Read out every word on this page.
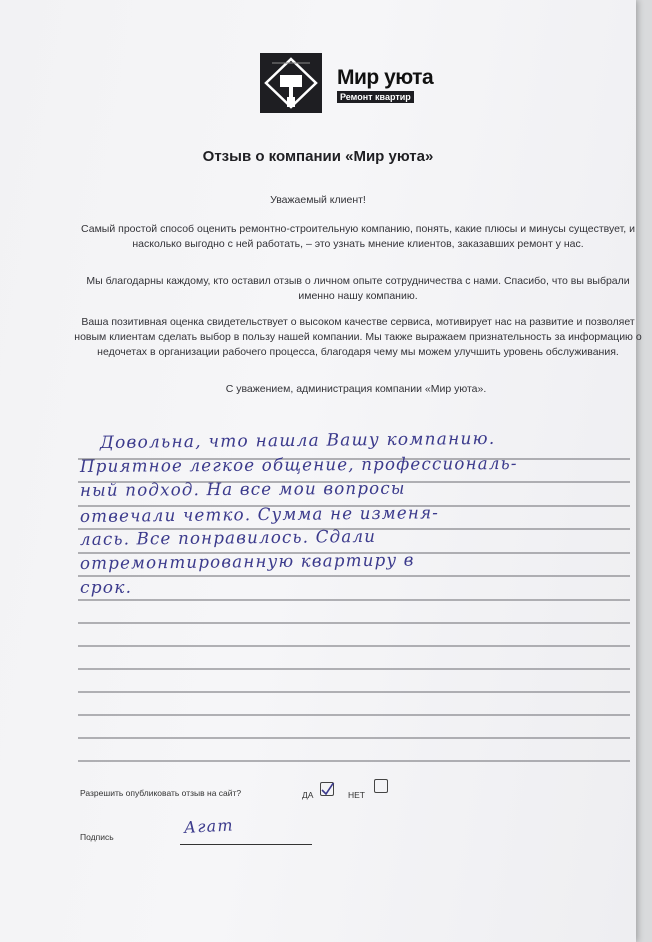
Мир уюта
Ремонт квартир
Отзыв о компании «Мир уюта»
Уважаемый клиент!
Самый простой способ оценить ремонтно-строительную компанию, понять, какие плюсы и минусы существует, и насколько выгодно с ней работать, – это узнать мнение клиентов, заказавших ремонт у нас.
Мы благодарны каждому, кто оставил отзыв о личном опыте сотрудничества с нами. Спасибо, что вы выбрали именно нашу компанию.
Ваша позитивная оценка свидетельствует о высоком качестве сервиса, мотивирует нас на развитие и позволяет новым клиентам сделать выбор в пользу нашей компании. Мы также выражаем признательность за информацию о недочетах в организации рабочего процесса, благодаря чему мы можем улучшить уровень обслуживания.
С уважением, администрация компании «Мир уюта».
Довольна, что нашла Вашу компанию.
Приятное легкое общение, профессиональ-
ный подход. На все мои вопросы
отвечали четко. Сумма не изменя-
лась. Все понравилось. Сдали
отремонтированную квартиру в
срок.
Разрешить опубликовать отзыв на сайт?	ДА	НЕТ
Подпись
Агат
